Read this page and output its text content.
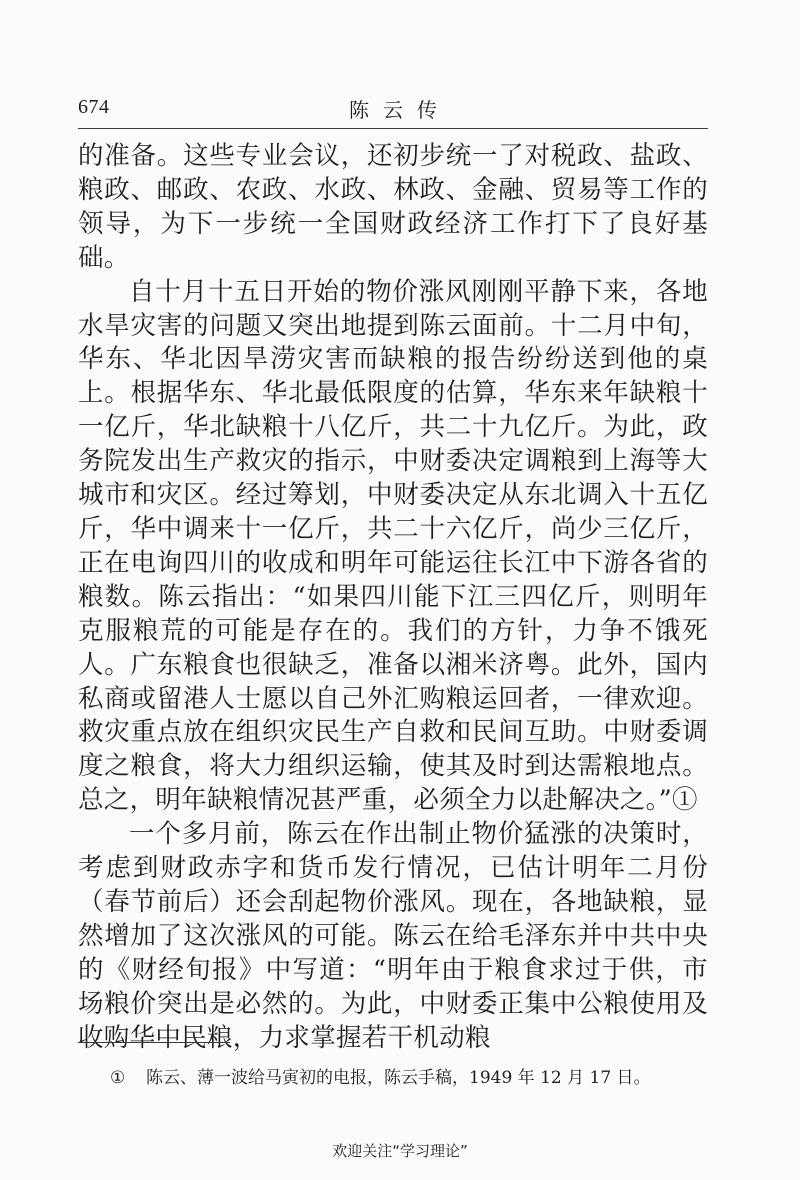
674	陈云传

的准备。这些专业会议，还初步统一了对税政、盐政、粮政、邮政、农政、水政、林政、金融、贸易等工作的领导，为下一步统一全国财政经济工作打下了良好基础。

自十月十五日开始的物价涨风刚刚平静下来，各地水旱灾害的问题又突出地提到陈云面前。十二月中旬，华东、华北因旱涝灾害而缺粮的报告纷纷送到他的桌上。根据华东、华北最低限度的估算，华东来年缺粮十一亿斤，华北缺粮十八亿斤，共二十九亿斤。为此，政务院发出生产救灾的指示，中财委决定调粮到上海等大城市和灾区。经过筹划，中财委决定从东北调入十五亿斤，华中调来十一亿斤，共二十六亿斤，尚少三亿斤，正在电询四川的收成和明年可能运往长江中下游各省的粮数。陈云指出：“如果四川能下江三四亿斤，则明年克服粮荒的可能是存在的。我们的方针，力争不饿死人。广东粮食也很缺乏，准备以湘米济粤。此外，国内私商或留港人士愿以自己外汇购粮运回者，一律欢迎。救灾重点放在组织灾民生产自救和民间互助。中财委调度之粮食，将大力组织运输，使其及时到达需粮地点。总之，明年缺粮情况甚严重，必须全力以赴解决之。”①

一个多月前，陈云在作出制止物价猛涨的决策时，考虑到财政赤字和货币发行情况，已估计明年二月份（春节前后）还会刮起物价涨风。现在，各地缺粮，显然增加了这次涨风的可能。陈云在给毛泽东并中共中央的《财经旬报》中写道：“明年由于粮食求过于供，市场粮价突出是必然的。为此，中财委正集中公粮使用及收购华中民粮，力求掌握若干机动粮

① 陈云、薄一波给马寅初的电报，陈云手稿，1949 年 12 月 17 日。
欢迎关注“学习理论”
